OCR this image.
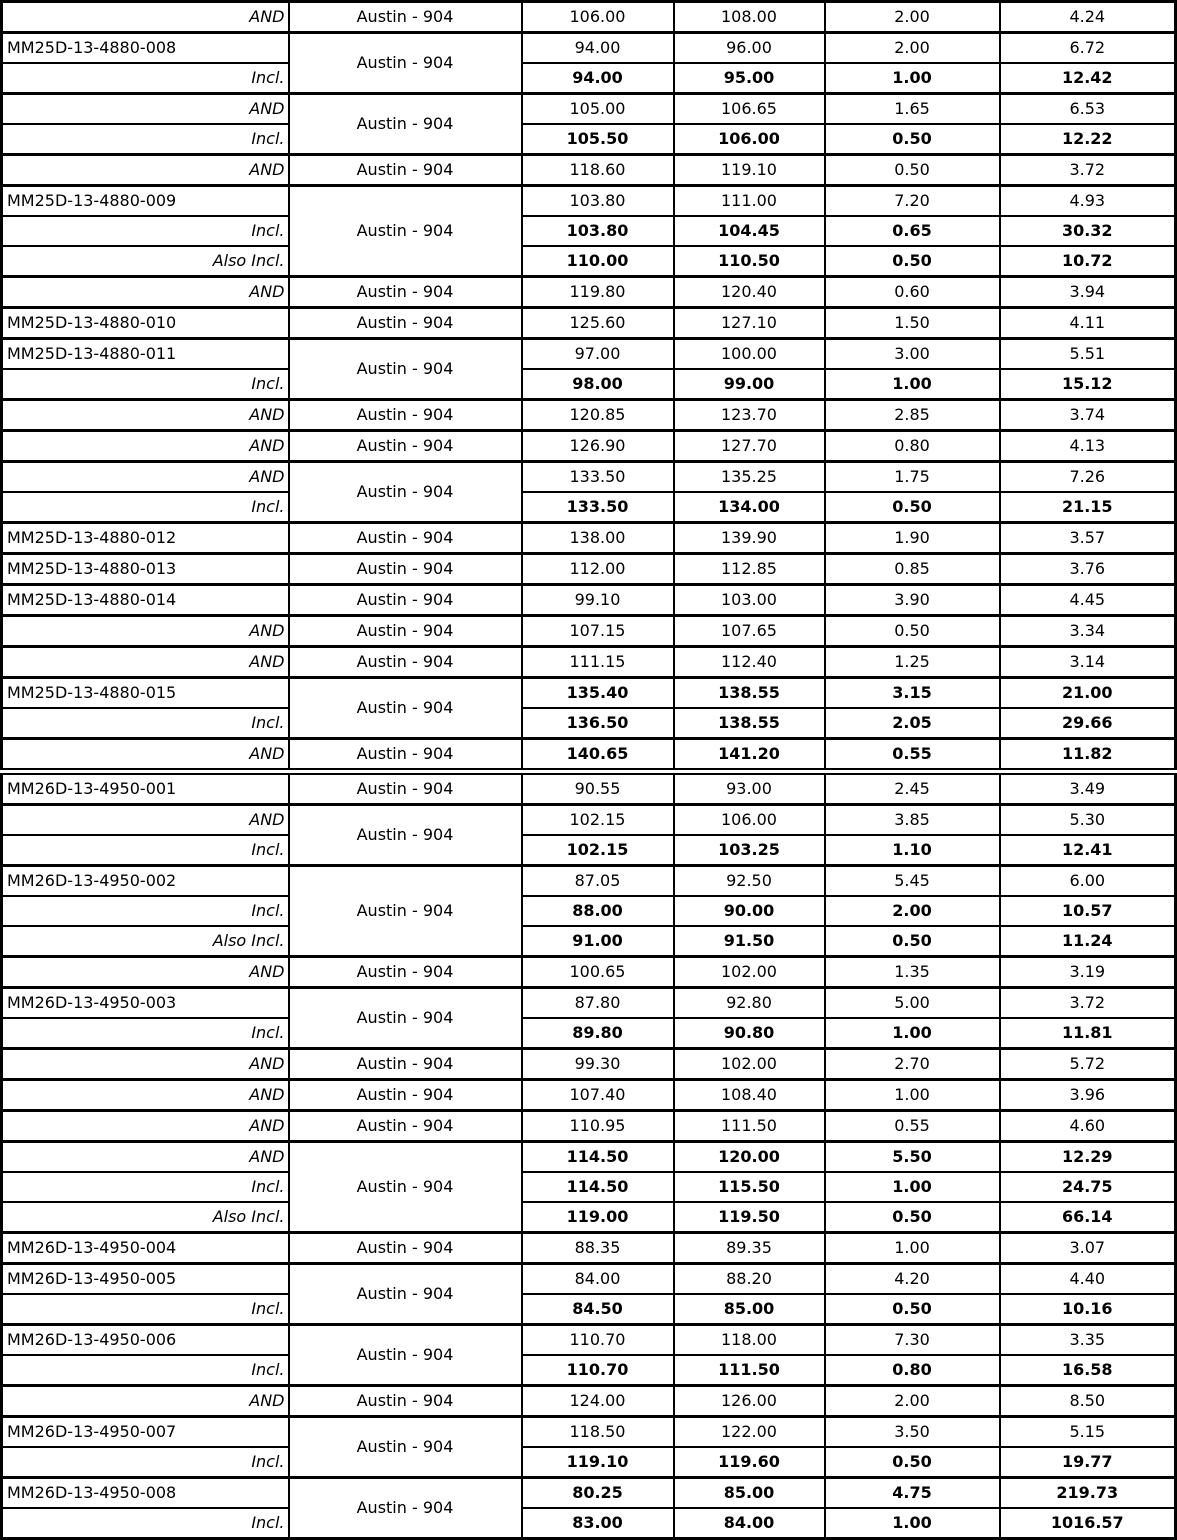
AND	Austin - 904	106.00	108.00	2.00	4.24
MM25D-13-4880-008	Austin - 904	94.00	96.00	2.00	6.72
Incl.		94.00	95.00	1.00	12.42
AND	Austin - 904	105.00	106.65	1.65	6.53
Incl.		105.50	106.00	0.50	12.22
AND	Austin - 904	118.60	119.10	0.50	3.72
MM25D-13-4880-009	Austin - 904	103.80	111.00	7.20	4.93
Incl.		103.80	104.45	0.65	30.32
Also Incl.		110.00	110.50	0.50	10.72
AND	Austin - 904	119.80	120.40	0.60	3.94
MM25D-13-4880-010	Austin - 904	125.60	127.10	1.50	4.11
MM25D-13-4880-011	Austin - 904	97.00	100.00	3.00	5.51
Incl.		98.00	99.00	1.00	15.12
AND	Austin - 904	120.85	123.70	2.85	3.74
AND	Austin - 904	126.90	127.70	0.80	4.13
AND	Austin - 904	133.50	135.25	1.75	7.26
Incl.		133.50	134.00	0.50	21.15
MM25D-13-4880-012	Austin - 904	138.00	139.90	1.90	3.57
MM25D-13-4880-013	Austin - 904	112.00	112.85	0.85	3.76
MM25D-13-4880-014	Austin - 904	99.10	103.00	3.90	4.45
AND	Austin - 904	107.15	107.65	0.50	3.34
AND	Austin - 904	111.15	112.40	1.25	3.14
MM25D-13-4880-015	Austin - 904	135.40	138.55	3.15	21.00
Incl.		136.50	138.55	2.05	29.66
AND	Austin - 904	140.65	141.20	0.55	11.82
MM26D-13-4950-001	Austin - 904	90.55	93.00	2.45	3.49
AND	Austin - 904	102.15	106.00	3.85	5.30
Incl.		102.15	103.25	1.10	12.41
MM26D-13-4950-002	Austin - 904	87.05	92.50	5.45	6.00
Incl.		88.00	90.00	2.00	10.57
Also Incl.		91.00	91.50	0.50	11.24
AND	Austin - 904	100.65	102.00	1.35	3.19
MM26D-13-4950-003	Austin - 904	87.80	92.80	5.00	3.72
Incl.		89.80	90.80	1.00	11.81
AND	Austin - 904	99.30	102.00	2.70	5.72
AND	Austin - 904	107.40	108.40	1.00	3.96
AND	Austin - 904	110.95	111.50	0.55	4.60
AND	Austin - 904	114.50	120.00	5.50	12.29
Incl.		114.50	115.50	1.00	24.75
Also Incl.		119.00	119.50	0.50	66.14
MM26D-13-4950-004	Austin - 904	88.35	89.35	1.00	3.07
MM26D-13-4950-005	Austin - 904	84.00	88.20	4.20	4.40
Incl.		84.50	85.00	0.50	10.16
MM26D-13-4950-006	Austin - 904	110.70	118.00	7.30	3.35
Incl.		110.70	111.50	0.80	16.58
AND	Austin - 904	124.00	126.00	2.00	8.50
MM26D-13-4950-007	Austin - 904	118.50	122.00	3.50	5.15
Incl.		119.10	119.60	0.50	19.77
MM26D-13-4950-008	Austin - 904	80.25	85.00	4.75	219.73
Incl.		83.00	84.00	1.00	1016.57
